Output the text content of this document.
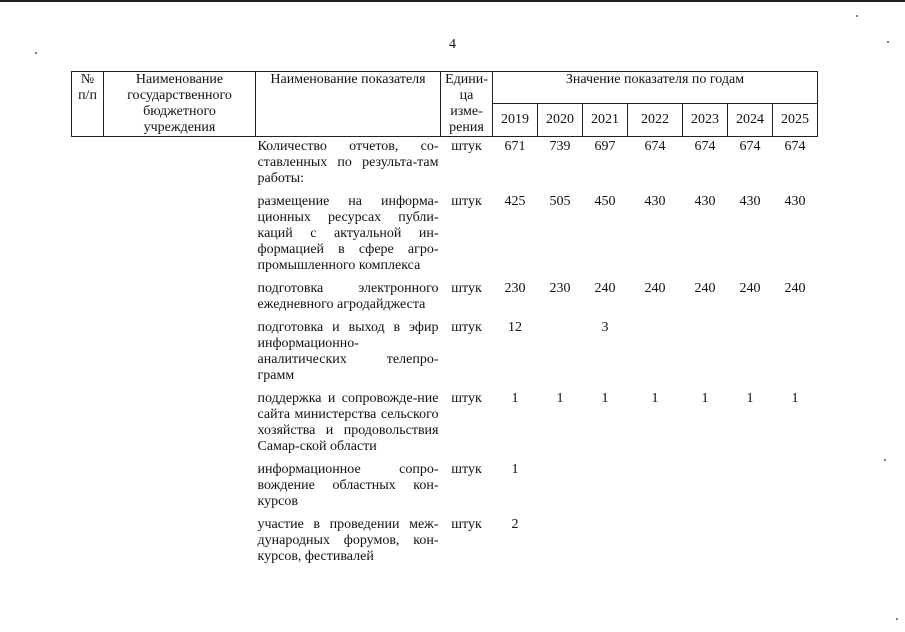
4
№ п/п	Наименование государственного бюджетного учреждения	Наименование показателя	Едини-ца изме-рения	Значение показателя по годам						
				2019	2020	2021	2022	2023	2024	2025
		Количество отчетов, со-ставленных по результа-там работы:	штук	671	739	697	674	674	674	674
		размещение на информа-ционных ресурсах публи-каций с актуальной ин-формацией в сфере агро-промышленного комплекса	штук	425	505	450	430	430	430	430
		подготовка электронного ежедневного агродайджеста	штук	230	230	240	240	240	240	240
		подготовка и выход в эфир информационно-аналитических телепро-грамм	штук	12		3				
		поддержка и сопровожде-ние сайта министерства сельского хозяйства и продовольствия Самар-ской области	штук	1	1	1	1	1	1	1
		информационное сопро-вождение областных кон-курсов	штук	1						
		участие в проведении меж-дународных форумов, кон-курсов, фестивалей	штук	2						
